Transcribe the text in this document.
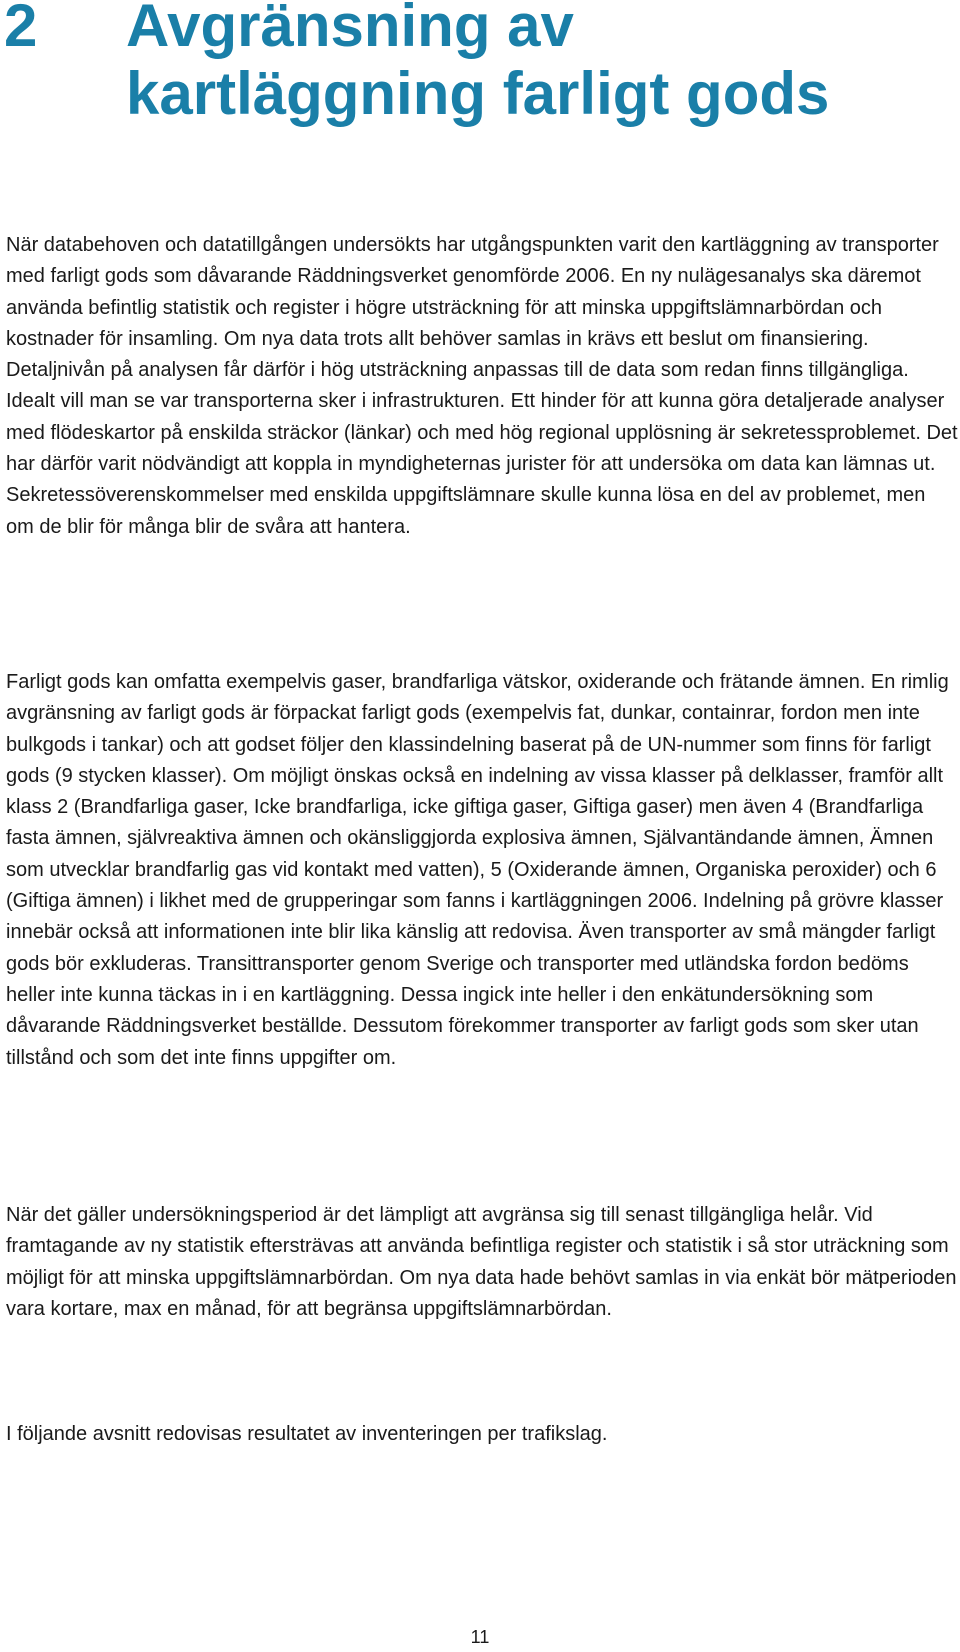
2	Avgränsning av kartläggning farligt gods

När databehoven och datatillgången undersökts har utgångspunkten varit den kartläggning av transporter med farligt gods som dåvarande Räddningsverket genomförde 2006. En ny nulägesanalys ska däremot använda befintlig statistik och register i högre utsträckning för att minska uppgiftslämnarbördan och kostnader för insamling. Om nya data trots allt behöver samlas in krävs ett beslut om finansiering. Detaljnivån på analysen får därför i hög utsträckning anpassas till de data som redan finns tillgängliga. Idealt vill man se var transporterna sker i infrastrukturen. Ett hinder för att kunna göra detaljerade analyser med flödeskartor på enskilda sträckor (länkar) och med hög regional upplösning är sekretessproblemet. Det har därför varit nödvändigt att koppla in myndigheternas jurister för att undersöka om data kan lämnas ut. Sekretessöverenskommelser med enskilda uppgiftslämnare skulle kunna lösa en del av problemet, men om de blir för många blir de svåra att hantera.

Farligt gods kan omfatta exempelvis gaser, brandfarliga vätskor, oxiderande och frätande ämnen. En rimlig avgränsning av farligt gods är förpackat farligt gods (exempelvis fat, dunkar, containrar, fordon men inte bulkgods i tankar) och att godset följer den klassindelning baserat på de UN-nummer som finns för farligt gods (9 stycken klasser). Om möjligt önskas också en indelning av vissa klasser på delklasser, framför allt klass 2 (Brandfarliga gaser, Icke brandfarliga, icke giftiga gaser, Giftiga gaser) men även 4 (Brandfarliga fasta ämnen, självreaktiva ämnen och okänsliggjorda explosiva ämnen, Självantändande ämnen, Ämnen som utvecklar brandfarlig gas vid kontakt med vatten), 5 (Oxiderande ämnen, Organiska peroxider) och 6 (Giftiga ämnen) i likhet med de grupperingar som fanns i kartläggningen 2006. Indelning på grövre klasser innebär också att informationen inte blir lika känslig att redovisa. Även transporter av små mängder farligt gods bör exkluderas. Transittransporter genom Sverige och transporter med utländska fordon bedöms heller inte kunna täckas in i en kartläggning. Dessa ingick inte heller i den enkätundersökning som dåvarande Räddningsverket beställde. Dessutom förekommer transporter av farligt gods som sker utan tillstånd och som det inte finns uppgifter om.

När det gäller undersökningsperiod är det lämpligt att avgränsa sig till senast tillgängliga helår. Vid framtagande av ny statistik eftersträvas att använda befintliga register och statistik i så stor uträckning som möjligt för att minska uppgiftslämnarbördan. Om nya data hade behövt samlas in via enkät bör mätperioden vara kortare, max en månad, för att begränsa uppgiftslämnarbördan.

I följande avsnitt redovisas resultatet av inventeringen per trafikslag.

11
